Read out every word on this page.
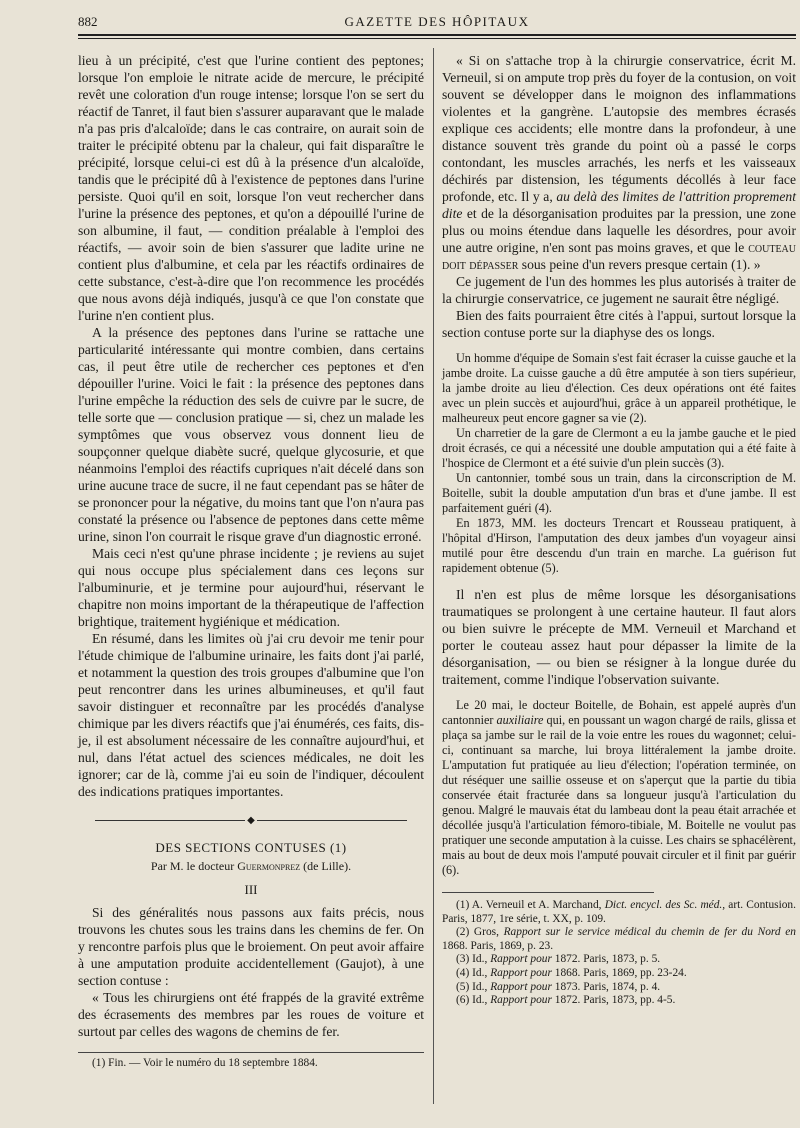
882	GAZETTE DES HÔPITAUX

lieu à un précipité, c'est que l'urine contient des peptones; lorsque l'on emploie le nitrate acide de mercure, le précipité revêt une coloration d'un rouge intense; lorsque l'on se sert du réactif de Tanret, il faut bien s'assurer auparavant que le malade n'a pas pris d'alcaloïde; dans le cas contraire, on aurait soin de traiter le précipité obtenu par la chaleur, qui fait disparaître le précipité, lorsque celui-ci est dû à la présence d'un alcaloïde, tandis que le précipité dû à l'existence de peptones dans l'urine persiste. Quoi qu'il en soit, lorsque l'on veut rechercher dans l'urine la présence des peptones, et qu'on a dépouillé l'urine de son albumine, il faut, — condition préalable à l'emploi des réactifs, — avoir soin de bien s'assurer que ladite urine ne contient plus d'albumine, et cela par les réactifs ordinaires de cette substance, c'est-à-dire que l'on recommence les procédés que nous avons déjà indiqués, jusqu'à ce que l'on constate que l'urine n'en contient plus.

A la présence des peptones dans l'urine se rattache une particularité intéressante qui montre combien, dans certains cas, il peut être utile de rechercher ces peptones et d'en dépouiller l'urine. Voici le fait : la présence des peptones dans l'urine empêche la réduction des sels de cuivre par le sucre, de telle sorte que — conclusion pratique — si, chez un malade les symptômes que vous observez vous donnent lieu de soupçonner quelque diabète sucré, quelque glycosurie, et que néanmoins l'emploi des réactifs cupriques n'ait décelé dans son urine aucune trace de sucre, il ne faut cependant pas se hâter de se prononcer pour la négative, du moins tant que l'on n'aura pas constaté la présence ou l'absence de peptones dans cette même urine, sinon l'on courrait le risque grave d'un diagnostic erroné.

Mais ceci n'est qu'une phrase incidente ; je reviens au sujet qui nous occupe plus spécialement dans ces leçons sur l'albuminurie, et je termine pour aujourd'hui, réservant le chapitre non moins important de la thérapeutique de l'affection brightique, traitement hygiénique et médication.

En résumé, dans les limites où j'ai cru devoir me tenir pour l'étude chimique de l'albumine urinaire, les faits dont j'ai parlé, et notamment la question des trois groupes d'albumine que l'on peut rencontrer dans les urines albumineuses, et qu'il faut savoir distinguer et reconnaître par les procédés d'analyse chimique par les divers réactifs que j'ai énumérés, ces faits, dis-je, il est absolument nécessaire de les connaître aujourd'hui, et nul, dans l'état actuel des sciences médicales, ne doit les ignorer; car de là, comme j'ai eu soin de l'indiquer, découlent des indications pratiques importantes.

◆
DES SECTIONS CONTUSES (1)
Par M. le docteur Guermonprez (de Lille).
III

Si des généralités nous passons aux faits précis, nous trouvons les chutes sous les trains dans les chemins de fer. On y rencontre parfois plus que le broiement. On peut avoir affaire à une amputation produite accidentellement (Gaujot), à une section contuse :

« Tous les chirurgiens ont été frappés de la gravité extrême des écrasements des membres par les roues de voiture et surtout par celles des wagons de chemins de fer.

(1) Fin. — Voir le numéro du 18 septembre 1884.

« Si on s'attache trop à la chirurgie conservatrice, écrit M. Verneuil, si on ampute trop près du foyer de la contusion, on voit souvent se développer dans le moignon des inflammations violentes et la gangrène. L'autopsie des membres écrasés explique ces accidents; elle montre dans la profondeur, à une distance souvent très grande du point où a passé le corps contondant, les muscles arrachés, les nerfs et les vaisseaux déchirés par distension, les téguments décollés à leur face profonde, etc. Il y a, au delà des limites de l'attrition proprement dite et de la désorganisation produites par la pression, une zone plus ou moins étendue dans laquelle les désordres, pour avoir une autre origine, n'en sont pas moins graves, et que le couteau doit dépasser sous peine d'un revers presque certain (1). »

Ce jugement de l'un des hommes les plus autorisés à traiter de la chirurgie conservatrice, ce jugement ne saurait être négligé.

Bien des faits pourraient être cités à l'appui, surtout lorsque la section contuse porte sur la diaphyse des os longs.

Un homme d'équipe de Somain s'est fait écraser la cuisse gauche et la jambe droite. La cuisse gauche a dû être amputée à son tiers supérieur, la jambe droite au lieu d'élection. Ces deux opérations ont été faites avec un plein succès et aujourd'hui, grâce à un appareil prothétique, le malheureux peut encore gagner sa vie (2).

Un charretier de la gare de Clermont a eu la jambe gauche et le pied droit écrasés, ce qui a nécessité une double amputation qui a été faite à l'hospice de Clermont et a été suivie d'un plein succès (3).

Un cantonnier, tombé sous un train, dans la circonscription de M. Boitelle, subit la double amputation d'un bras et d'une jambe. Il est parfaitement guéri (4).

En 1873, MM. les docteurs Trencart et Rousseau pratiquent, à l'hôpital d'Hirson, l'amputation des deux jambes d'un voyageur ainsi mutilé pour être descendu d'un train en marche. La guérison fut rapidement obtenue (5).

Il n'en est plus de même lorsque les désorganisations traumatiques se prolongent à une certaine hauteur. Il faut alors ou bien suivre le précepte de MM. Verneuil et Marchand et porter le couteau assez haut pour dépasser la limite de la désorganisation, — ou bien se résigner à la longue durée du traitement, comme l'indique l'observation suivante.

Le 20 mai, le docteur Boitelle, de Bohain, est appelé auprès d'un cantonnier auxiliaire qui, en poussant un wagon chargé de rails, glissa et plaça sa jambe sur le rail de la voie entre les roues du wagonnet; celui-ci, continuant sa marche, lui broya littéralement la jambe droite. L'amputation fut pratiquée au lieu d'élection; l'opération terminée, on dut réséquer une saillie osseuse et on s'aperçut que la partie du tibia conservée était fracturée dans sa longueur jusqu'à l'articulation du genou. Malgré le mauvais état du lambeau dont la peau était arrachée et décollée jusqu'à l'articulation fémoro-tibiale, M. Boitelle ne voulut pas pratiquer une seconde amputation à la cuisse. Les chairs se sphacélèrent, mais au bout de deux mois l'amputé pouvait circuler et il finit par guérir (6).

(1) A. Verneuil et A. Marchand, Dict. encycl. des Sc. méd., art. Contusion. Paris, 1877, 1re série, t. XX, p. 109.

(2) Gros, Rapport sur le service médical du chemin de fer du Nord en 1868. Paris, 1869, p. 23.

(3) Id., Rapport pour 1872. Paris, 1873, p. 5.

(4) Id., Rapport pour 1868. Paris, 1869, pp. 23-24.

(5) Id., Rapport pour 1873. Paris, 1874, p. 4.

(6) Id., Rapport pour 1872. Paris, 1873, pp. 4-5.
